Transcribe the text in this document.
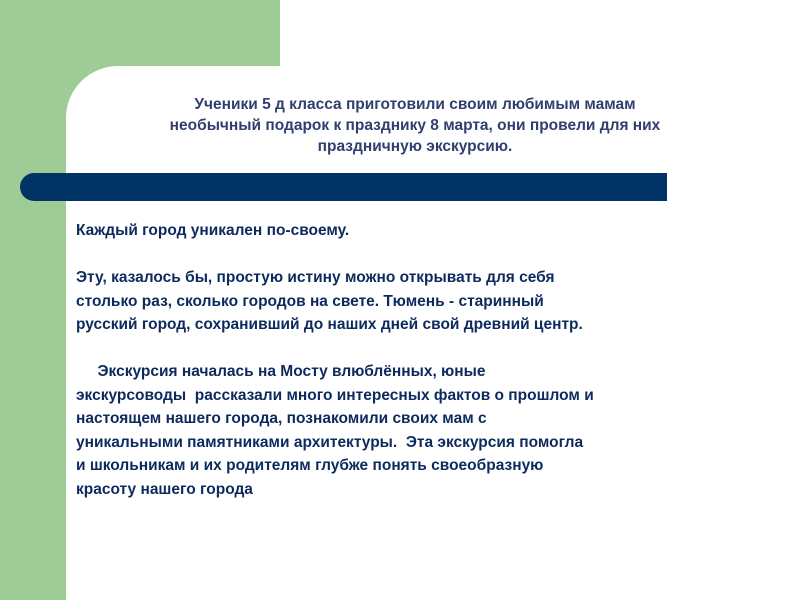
Ученики 5 д класса приготовили своим любимым мамам
необычный подарок к празднику 8 марта, они провели для них
праздничную экскурсию.

Каждый город уникален по-своему.

Эту, казалось бы, простую истину можно открывать для себя

столько раз, сколько городов на свете. Тюмень - старинный

русский город, сохранивший до наших дней свой древний центр.

Экскурсия началась на Мосту влюблённых, юные

экскурсоводы  рассказали много интересных фактов о прошлом и

настоящем нашего города, познакомили своих мам с

уникальными памятниками архитектуры.  Эта экскурсия помогла

и школьникам и их родителям глубже понять своеобразную

красоту нашего города
